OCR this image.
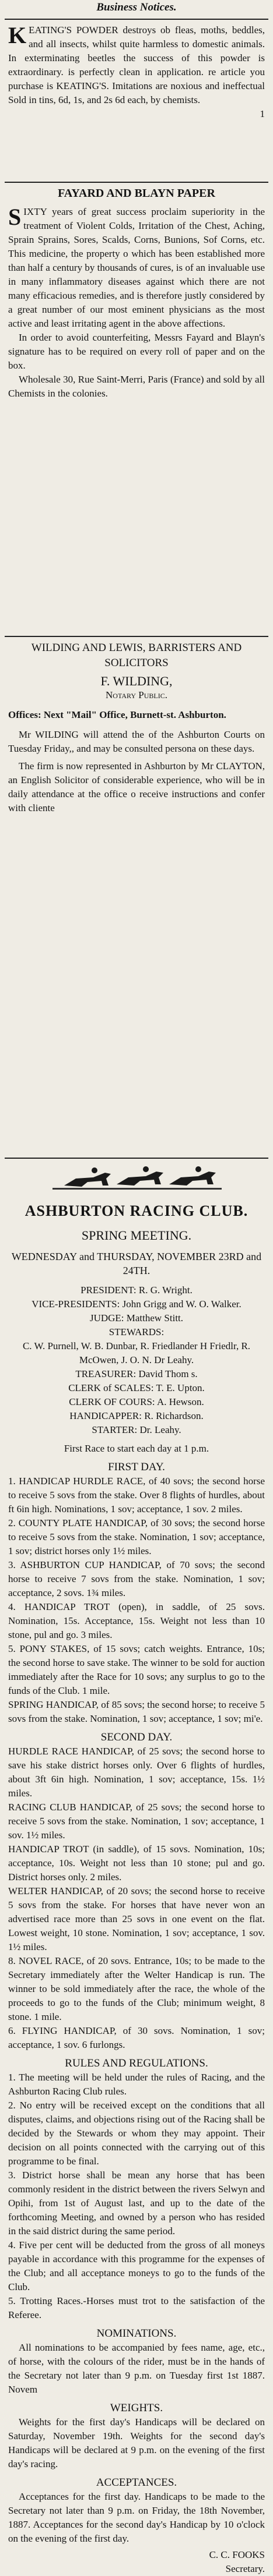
Business Notices.

K EATING'S POWDER destroys ob fleas, moths, beddles, and all insects, whilst quite harmless to domestic animals. In exterminating beetles the success of this powder is extraordinary. is perfectly clean in application. re article you purchase is KEATING'S. Imitations are noxious and ineffectual Sold in tins, 6d, 1s, and 2s 6d each, by chemists.

1

FAYARD AND BLAYN PAPER

S IXTY years of great success proclaim superiority in the treatment of Violent Colds, Irritation of the Chest, Aching, Sprain Sprains, Sores, Scalds, Corns, Bunions, Sof Corns, etc. This medicine, the property o which has been established more than half a century by thousands of cures, is of an invaluable use in many inflammatory diseases against which there are not many efficacious remedies, and is therefore justly considered by a great number of our most eminent physicians as the most active and least irritating agent in the above affections.

In order to avoid counterfeiting, Messrs Fayard and Blayn's signature has to be required on every roll of paper and on the box.

Wholesale 30, Rue Saint-Merri, Paris (France) and sold by all Chemists in the colonies.

WILDING AND LEWIS, BARRISTERS AND SOLICITORS

F. WILDING,

Notary Public.

Offices: Next "Mail" Office, Burnett-st. Ashburton.

Mr WILDING will attend the of the Ashburton Courts on Tuesday Friday,, and may be consulted persona on these days.

The firm is now represented in Ashburton by Mr CLAYTON, an English Solicitor of considerable experience, who will be in daily attendance at the office o receive instructions and confer with cliente

ASHBURTON RACING CLUB.

SPRING MEETING.

WEDNESDAY and THURSDAY, NOVEMBER 23RD and 24TH.

PRESIDENT: R. G. Wright.

VICE-PRESIDENTS: John Grigg and W. O. Walker.

JUDGE: Matthew Stitt.

STEWARDS:

C. W. Purnell, W. B. Dunbar, R. Friedlander H Friedlr, R. McOwen, J. O. N. Dr Leahy.

TREASURER: David Thom s.

CLERK of SCALES: T. E. Upton.

CLERK OF COURS: A. Hewson.

HANDICAPPER: R. Richardson.

STARTER: Dr. Leahy.

First Race to start each day at 1 p.m.

FIRST DAY.

1. HANDICAP HURDLE RACE, of 40 sovs; the second horse to receive 5 sovs from the stake. Over 8 flights of hurdles, about ft 6in high. Nominations, 1 sov; acceptance, 1 sov. 2 miles.

2. COUNTY PLATE HANDICAP, of 30 sovs; the second horse to receive 5 sovs from the stake. Nomination, 1 sov; acceptance, 1 sov; district horses only 1½ miles.

3. ASHBURTON CUP HANDICAP, of 70 sovs; the second horse to receive 7 sovs from the stake. Nomination, 1 sov; acceptance, 2 sovs. 1¾ miles.

4. HANDICAP TROT (open), in saddle, of 25 sovs. Nomination, 15s. Acceptance, 15s. Weight not less than 10 stone, pul and go. 3 miles.

5. PONY STAKES, of 15 sovs; catch weights. Entrance, 10s; the second horse to save stake. The winner to be sold for auction immediately after the Race for 10 sovs; any surplus to go to the funds of the Club. 1 mile.

SPRING HANDICAP, of 85 sovs; the second horse; to receive 5 sovs from the stake. Nomination, 1 sov; acceptance, 1 sov; mi'e.

SECOND DAY.

HURDLE RACE HANDICAP, of 25 sovs; the second horse to save his stake district horses only. Over 6 flights of hurdles, about 3ft 6in high. Nomination, 1 sov; acceptance, 15s. 1½ miles.

RACING CLUB HANDICAP, of 25 sovs; the second horse to receive 5 sovs from the stake. Nomination, 1 sov; acceptance, 1 sov. 1½ miles.

HANDICAP TROT (in saddle), of 15 sovs. Nomination, 10s; acceptance, 10s. Weight not less than 10 stone; pul and go. District horses only. 2 miles.

WELTER HANDICAP, of 20 sovs; the second horse to receive 5 sovs from the stake. For horses that have never won an advertised race more than 25 sovs in one event on the flat. Lowest weight, 10 stone. Nomination, 1 sov; acceptance, 1 sov. 1½ miles.

8. NOVEL RACE, of 20 sovs. Entrance, 10s; to be made to the Secretary immediately after the Welter Handicap is run. The winner to be sold immediately after the race, the whole of the proceeds to go to the funds of the Club; minimum weight, 8 stone. 1 mile.

6. FLYING HANDICAP, of 30 sovs. Nomination, 1 sov; acceptance, 1 sov. 6 furlongs.

RULES AND REGULATIONS.

1. The meeting will be held under the rules of Racing, and the Ashburton Racing Club rules.

2. No entry will be received except on the conditions that all disputes, claims, and objections rising out of the Racing shall be decided by the Stewards or whom they may appoint. Their decision on all points connected with the carrying out of this programme to be final.

3. District horse shall be mean any horse that has been commonly resident in the district between the rivers Selwyn and Opihi, from 1st of August last, and up to the date of the forthcoming Meeting, and owned by a person who has resided in the said district during the same period.

4. Five per cent will be deducted from the gross of all moneys payable in accordance with this programme for the expenses of the Club; and all acceptance moneys to go to the funds of the Club.

5. Trotting Races.-Horses must trot to the satisfaction of the Referee.

NOMINATIONS.

All nominations to be accompanied by fees name, age, etc., of horse, with the colours of the rider, must be in the hands of the Secretary not later than 9 p.m. on Tuesday first 1st 1887. Novem

WEIGHTS.

Weights for the first day's Handicaps will be declared on Saturday, November 19th. Weights for the second day's Handicaps will be declared at 9 p.m. on the evening of the first day's racing.

ACCEPTANCES.

Acceptances for the first day. Handicaps to be made to the Secretary not later than 9 p.m. on Friday, the 18th November, 1887. Acceptances for the second day's Handicap by 10 o'clock on the evening of the first day.

C. C. FOOKS

Secretary.
